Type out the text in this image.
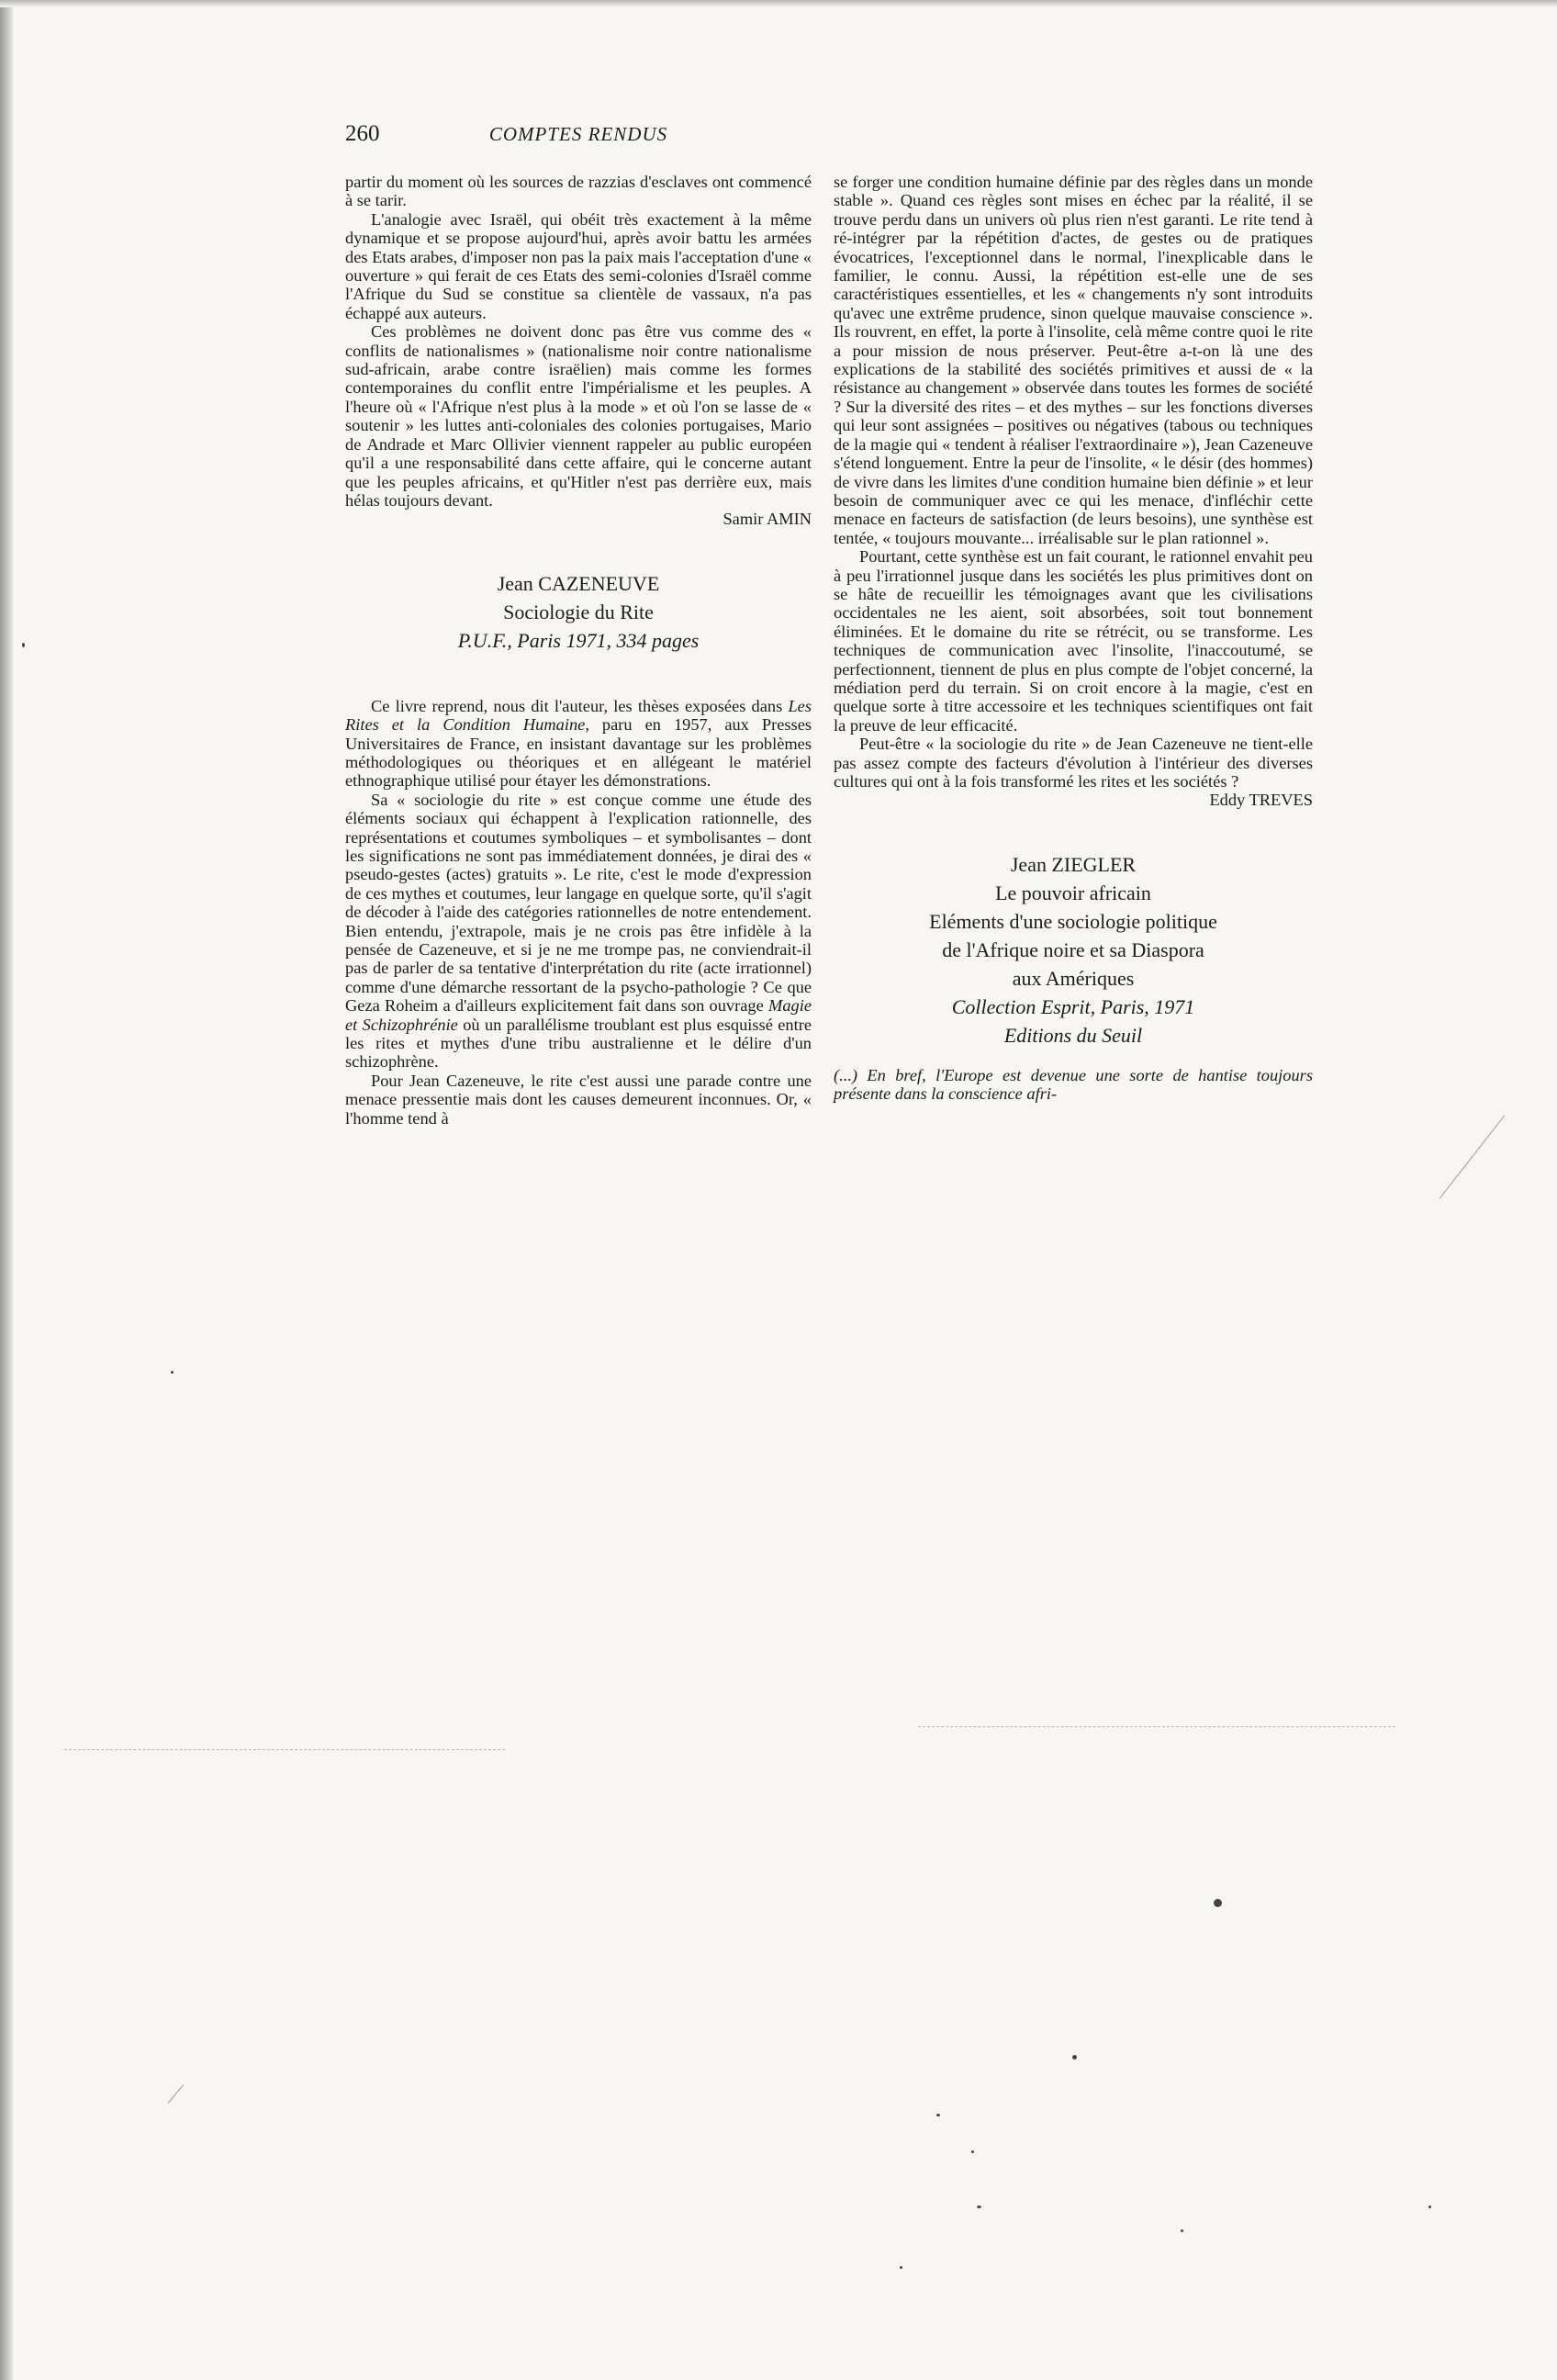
260	COMPTES RENDUS

partir du moment où les sources de razzias d'esclaves ont commencé à se tarir.

L'analogie avec Israël, qui obéit très exactement à la même dynamique et se propose aujourd'hui, après avoir battu les armées des Etats arabes, d'imposer non pas la paix mais l'acceptation d'une « ouverture » qui ferait de ces Etats des semi-colonies d'Israël comme l'Afrique du Sud se constitue sa clientèle de vassaux, n'a pas échappé aux auteurs.

Ces problèmes ne doivent donc pas être vus comme des « conflits de nationalismes » (nationalisme noir contre nationalisme sud-africain, arabe contre israëlien) mais comme les formes contemporaines du conflit entre l'impérialisme et les peuples. A l'heure où « l'Afrique n'est plus à la mode » et où l'on se lasse de « soutenir » les luttes anti-coloniales des colonies portugaises, Mario de Andrade et Marc Ollivier viennent rappeler au public européen qu'il a une responsabilité dans cette affaire, qui le concerne autant que les peuples africains, et qu'Hitler n'est pas derrière eux, mais hélas toujours devant.

Samir AMIN

Jean CAZENEUVE
Sociologie du Rite
P.U.F., Paris 1971, 334 pages

Ce livre reprend, nous dit l'auteur, les thèses exposées dans Les Rites et la Condition Humaine, paru en 1957, aux Presses Universitaires de France, en insistant davantage sur les problèmes méthodologiques ou théoriques et en allégeant le matériel ethnographique utilisé pour étayer les démonstrations.

Sa « sociologie du rite » est conçue comme une étude des éléments sociaux qui échappent à l'explication rationnelle, des représentations et coutumes symboliques – et symbolisantes – dont les significations ne sont pas immédiatement données, je dirai des « pseudo-gestes (actes) gratuits ». Le rite, c'est le mode d'expression de ces mythes et coutumes, leur langage en quelque sorte, qu'il s'agit de décoder à l'aide des catégories rationnelles de notre entendement. Bien entendu, j'extrapole, mais je ne crois pas être infidèle à la pensée de Cazeneuve, et si je ne me trompe pas, ne conviendrait-il pas de parler de sa tentative d'interprétation du rite (acte irrationnel) comme d'une démarche ressortant de la psycho-pathologie ? Ce que Geza Roheim a d'ailleurs explicitement fait dans son ouvrage Magie et Schizophrénie où un parallélisme troublant est plus esquissé entre les rites et mythes d'une tribu australienne et le délire d'un schizophrène.

Pour Jean Cazeneuve, le rite c'est aussi une parade contre une menace pressentie mais dont les causes demeurent inconnues. Or, « l'homme tend à

se forger une condition humaine définie par des règles dans un monde stable ». Quand ces règles sont mises en échec par la réalité, il se trouve perdu dans un univers où plus rien n'est garanti. Le rite tend à ré-intégrer par la répétition d'actes, de gestes ou de pratiques évocatrices, l'exceptionnel dans le normal, l'inexplicable dans le familier, le connu. Aussi, la répétition est-elle une de ses caractéristiques essentielles, et les « changements n'y sont introduits qu'avec une extrême prudence, sinon quelque mauvaise conscience ». Ils rouvrent, en effet, la porte à l'insolite, celà même contre quoi le rite a pour mission de nous préserver. Peut-être a-t-on là une des explications de la stabilité des sociétés primitives et aussi de « la résistance au changement » observée dans toutes les formes de société ? Sur la diversité des rites – et des mythes – sur les fonctions diverses qui leur sont assignées – positives ou négatives (tabous ou techniques de la magie qui « tendent à réaliser l'extraordinaire »), Jean Cazeneuve s'étend longuement. Entre la peur de l'insolite, « le désir (des hommes) de vivre dans les limites d'une condition humaine bien définie » et leur besoin de communiquer avec ce qui les menace, d'infléchir cette menace en facteurs de satisfaction (de leurs besoins), une synthèse est tentée, « toujours mouvante... irréalisable sur le plan rationnel ».

Pourtant, cette synthèse est un fait courant, le rationnel envahit peu à peu l'irrationnel jusque dans les sociétés les plus primitives dont on se hâte de recueillir les témoignages avant que les civilisations occidentales ne les aient, soit absorbées, soit tout bonnement éliminées. Et le domaine du rite se rétrécit, ou se transforme. Les techniques de communication avec l'insolite, l'inaccoutumé, se perfectionnent, tiennent de plus en plus compte de l'objet concerné, la médiation perd du terrain. Si on croit encore à la magie, c'est en quelque sorte à titre accessoire et les techniques scientifiques ont fait la preuve de leur efficacité.

Peut-être « la sociologie du rite » de Jean Cazeneuve ne tient-elle pas assez compte des facteurs d'évolution à l'intérieur des diverses cultures qui ont à la fois transformé les rites et les sociétés ?

Eddy TREVES

Jean ZIEGLER
Le pouvoir africain
Eléments d'une sociologie politique
de l'Afrique noire et sa Diaspora
aux Amériques
Collection Esprit, Paris, 1971
Editions du Seuil

(...) En bref, l'Europe est devenue une sorte de hantise toujours présente dans la conscience afri-
